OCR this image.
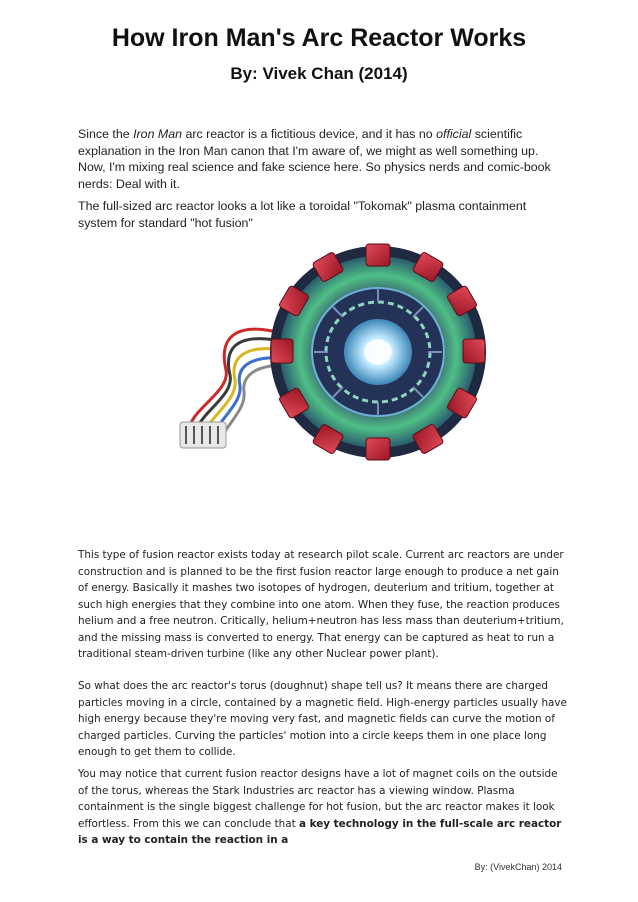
How Iron Man's Arc Reactor Works
By: Vivek Chan (2014)

Since the Iron Man arc reactor is a fictitious device, and it has no official scientific explanation in the Iron Man canon that I'm aware of, we might as well something up. Now, I'm mixing real science and fake science here. So physics nerds and comic-book nerds: Deal with it.

The full-sized arc reactor looks a lot like a toroidal "Tokomak" plasma containment system for standard "hot fusion"

This type of fusion reactor exists today at research pilot scale. Current arc reactors are under construction and is planned to be the first fusion reactor large enough to produce a net gain of energy. Basically it mashes two isotopes of hydrogen, deuterium and tritium, together at such high energies that they combine into one atom. When they fuse, the reaction produces helium and a free neutron. Critically, helium+neutron has less mass than deuterium+tritium, and the missing mass is converted to energy. That energy can be captured as heat to run a traditional steam-driven turbine (like any other Nuclear power plant).

So what does the arc reactor's torus (doughnut) shape tell us? It means there are charged particles moving in a circle, contained by a magnetic field. High-energy particles usually have high energy because they're moving very fast, and magnetic fields can curve the motion of charged particles. Curving the particles' motion into a circle keeps them in one place long enough to get them to collide.

You may notice that current fusion reactor designs have a lot of magnet coils on the outside of the torus, whereas the Stark Industries arc reactor has a viewing window. Plasma containment is the single biggest challenge for hot fusion, but the arc reactor makes it look effortless. From this we can conclude that a key technology in the full-scale arc reactor is a way to contain the reaction in a

By: (VivekChan) 2014
